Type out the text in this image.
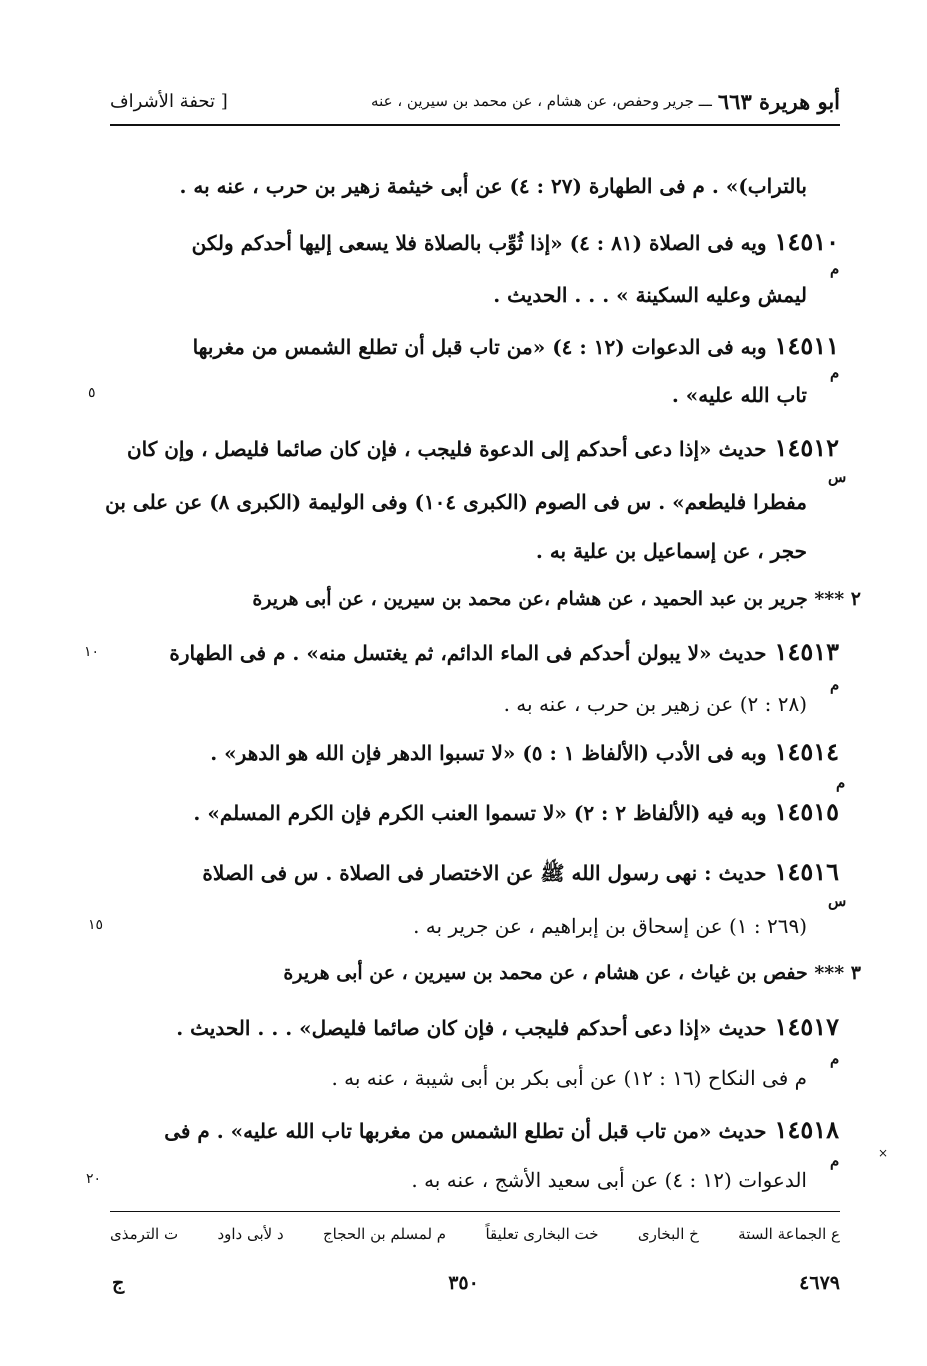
أبو هريرة ٦٦٣
ـــ جرير وحفص، عن هشام ، عن محمد بن سيرين ، عنه
[ تحفة الأشراف
بالتراب)» . م فى الطهارة (٢٧ : ٤) عن أبى خيثمة زهير بن حرب ، عنه به .
١٤٥١٠ويه فى الصلاة (٨١ : ٤) «إذا ثُوِّب بالصلاة فلا يسعى إليها أحدكم ولكن
م
ليمش وعليه السكينة » . . . الحديث .
١٤٥١١وبه فى الدعوات (١٢ : ٤) «من تاب قبل أن تطلع الشمس من مغربها
م
تاب الله عليه» .
٥
١٤٥١٢حديث «إذا دعى أحدكم إلى الدعوة فليجب ، فإن كان صائما فليصل ، وإن كان
س
مفطرا فليطعم» . س فى الصوم (الكبرى ١٠٤) وفى الوليمة (الكبرى ٨) عن على بن
حجر ، عن إسماعيل بن علية به .
٢ *** جرير بن عبد الحميد ، عن هشام ،عن محمد بن سيرين ، عن أبى هريرة
١٤٥١٣حديث «لا يبولن أحدكم فى الماء الدائم، ثم يغتسل منه» . م فى الطهارة
١٠
م
(٢٨ : ٢) عن زهير بن حرب ، عنه به .
١٤٥١٤وبه فى الأدب (الألفاظ ١ : ٥) «لا تسبوا الدهر فإن الله هو الدهر» .
م
١٤٥١٥وبه فيه (الألفاظ ٢ : ٢) «لا تسموا العنب الكرم فإن الكرم المسلم» .
١٤٥١٦حديث : نهى رسول الله ﷺ عن الاختصار فى الصلاة . س فى الصلاة
س
١٥	(٢٦٩ : ١) عن إسحاق بن إبراهيم ، عن جرير به .
٣ *** حفص بن غياث ، عن هشام ، عن محمد بن سيرين ، عن أبى هريرة
١٤٥١٧حديث «إذا دعى أحدكم فليجب ، فإن كان صائما فليصل» . . . الحديث .
م
م فى النكاح (١٦ : ١٢) عن أبى بكر بن أبى شيبة ، عنه به .
١٤٥١٨حديث «من تاب قبل أن تطلع الشمس من مغربها تاب الله عليه» . م فى
×
م
٢٠	الدعوات (١٢ : ٤) عن أبى سعيد الأشج ، عنه به .
ع الجماعة الستة
خ البخارى
خت البخارى تعليقاً
م لمسلم بن الحجاج
د لأبى داود
ت الترمذى
٤٦٧٩
٣٥٠
ج
